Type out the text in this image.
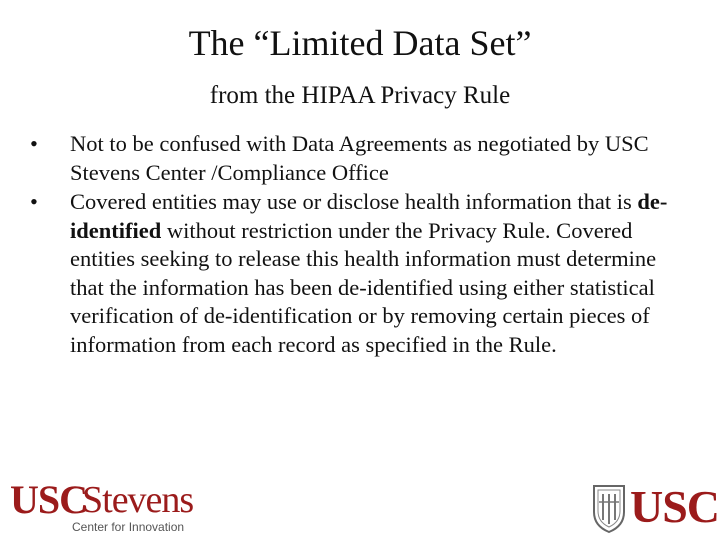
The “Limited Data Set”
from the HIPAA Privacy Rule
• Not to be confused with Data Agreements as negotiated by USC Stevens Center /Compliance Office
• Covered entities may use or disclose health information that is de-identified without restriction under the Privacy Rule. Covered entities seeking to release this health information must determine that the information has been de-identified using either statistical verification of de-identification or by removing certain pieces of information from each record as specified in the Rule.
USC
Stevens
Center for Innovation	USC
